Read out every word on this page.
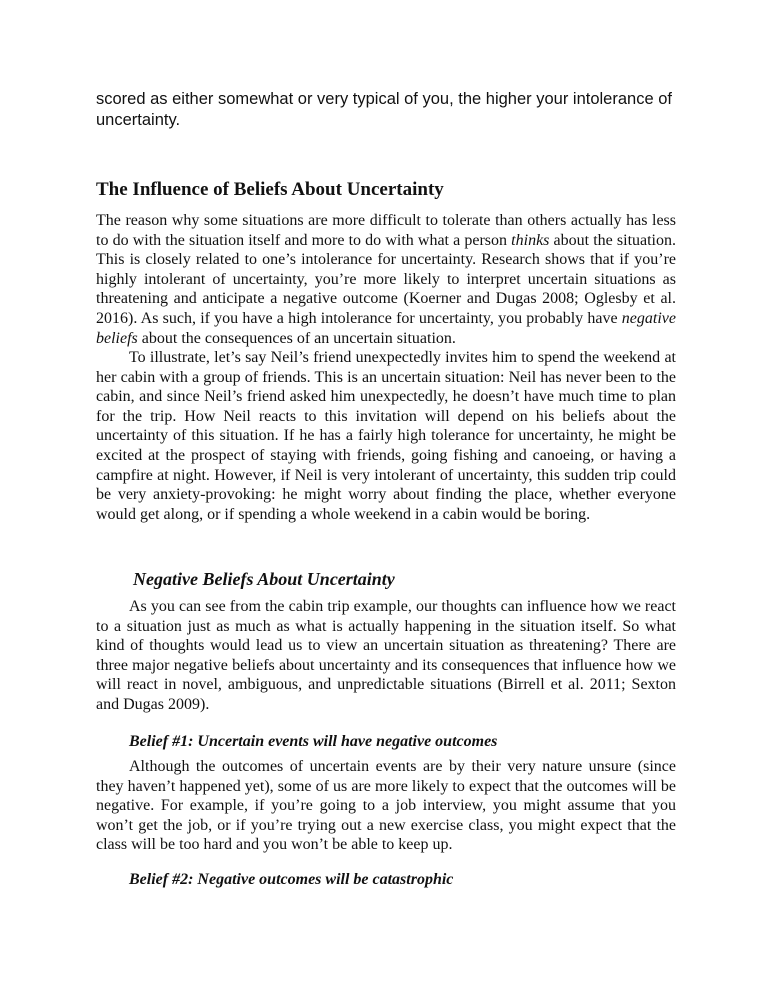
scored as either somewhat or very typical of you, the higher your intolerance of uncertainty.

The Influence of Beliefs About Uncertainty

The reason why some situations are more difficult to tolerate than others actually has less to do with the situation itself and more to do with what a person thinks about the situation. This is closely related to one’s intolerance for uncertainty. Research shows that if you’re highly intolerant of uncertainty, you’re more likely to interpret uncertain situations as threatening and anticipate a negative outcome (Koerner and Dugas 2008; Oglesby et al. 2016). As such, if you have a high intolerance for uncertainty, you probably have negative beliefs about the consequences of an uncertain situation.

To illustrate, let’s say Neil’s friend unexpectedly invites him to spend the weekend at her cabin with a group of friends. This is an uncertain situation: Neil has never been to the cabin, and since Neil’s friend asked him unexpectedly, he doesn’t have much time to plan for the trip. How Neil reacts to this invitation will depend on his beliefs about the uncertainty of this situation. If he has a fairly high tolerance for uncertainty, he might be excited at the prospect of staying with friends, going fishing and canoeing, or having a campfire at night. However, if Neil is very intolerant of uncertainty, this sudden trip could be very anxiety-provoking: he might worry about finding the place, whether everyone would get along, or if spending a whole weekend in a cabin would be boring.

Negative Beliefs About Uncertainty

As you can see from the cabin trip example, our thoughts can influence how we react to a situation just as much as what is actually happening in the situation itself. So what kind of thoughts would lead us to view an uncertain situation as threatening? There are three major negative beliefs about uncertainty and its consequences that influence how we will react in novel, ambiguous, and unpredictable situations (Birrell et al. 2011; Sexton and Dugas 2009).

Belief #1: Uncertain events will have negative outcomes

Although the outcomes of uncertain events are by their very nature unsure (since they haven’t happened yet), some of us are more likely to expect that the outcomes will be negative. For example, if you’re going to a job interview, you might assume that you won’t get the job, or if you’re trying out a new exercise class, you might expect that the class will be too hard and you won’t be able to keep up.

Belief #2: Negative outcomes will be catastrophic
